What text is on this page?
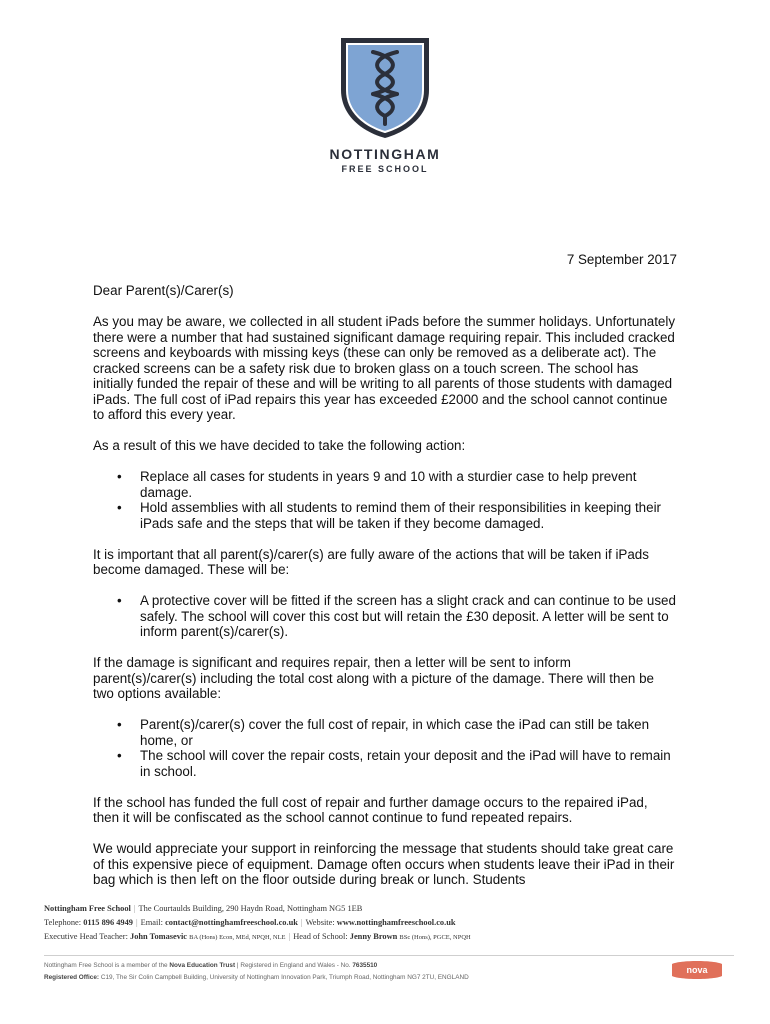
NOTTINGHAM
FREE SCHOOL

7 September 2017

Dear Parent(s)/Carer(s)

As you may be aware, we collected in all student iPads before the summer holidays. Unfortunately there were a number that had sustained significant damage requiring repair. This included cracked screens and keyboards with missing keys (these can only be removed as a deliberate act). The cracked screens can be a safety risk due to broken glass on a touch screen. The school has initially funded the repair of these and will be writing to all parents of those students with damaged iPads. The full cost of iPad repairs this year has exceeded £2000 and the school cannot continue to afford this every year.

As a result of this we have decided to take the following action:

• Replace all cases for students in years 9 and 10 with a sturdier case to help prevent damage.
• Hold assemblies with all students to remind them of their responsibilities in keeping their iPads safe and the steps that will be taken if they become damaged.

It is important that all parent(s)/carer(s) are fully aware of the actions that will be taken if iPads become damaged. These will be:

• A protective cover will be fitted if the screen has a slight crack and can continue to be used safely. The school will cover this cost but will retain the £30 deposit. A letter will be sent to inform parent(s)/carer(s).

If the damage is significant and requires repair, then a letter will be sent to inform parent(s)/carer(s) including the total cost along with a picture of the damage. There will then be two options available:

• Parent(s)/carer(s) cover the full cost of repair, in which case the iPad can still be taken home, or
• The school will cover the repair costs, retain your deposit and the iPad will have to remain in school.

If the school has funded the full cost of repair and further damage occurs to the repaired iPad, then it will be confiscated as the school cannot continue to fund repeated repairs.

We would appreciate your support in reinforcing the message that students should take great care of this expensive piece of equipment. Damage often occurs when students leave their iPad in their bag which is then left on the floor outside during break or lunch. Students

Nottingham Free School | The Courtaulds Building, 290 Haydn Road, Nottingham NG5 1EB
Telephone: 0115 896 4949 | Email: contact@nottinghamfreeschool.co.uk | Website: www.nottinghamfreeschool.co.uk
Executive Head Teacher: John Tomasevic BA (Hons) Econ, MEd, NPQH, NLE | Head of School: Jenny Brown BSc (Hons), PGCE, NPQH
Nottingham Free School is a member of the Nova Education Trust | Registered in England and Wales - No. 7635510
Registered Office: C19, The Sir Colin Campbell Building, University of Nottingham Innovation Park, Triumph Road, Nottingham NG7 2TU, ENGLAND
nova
